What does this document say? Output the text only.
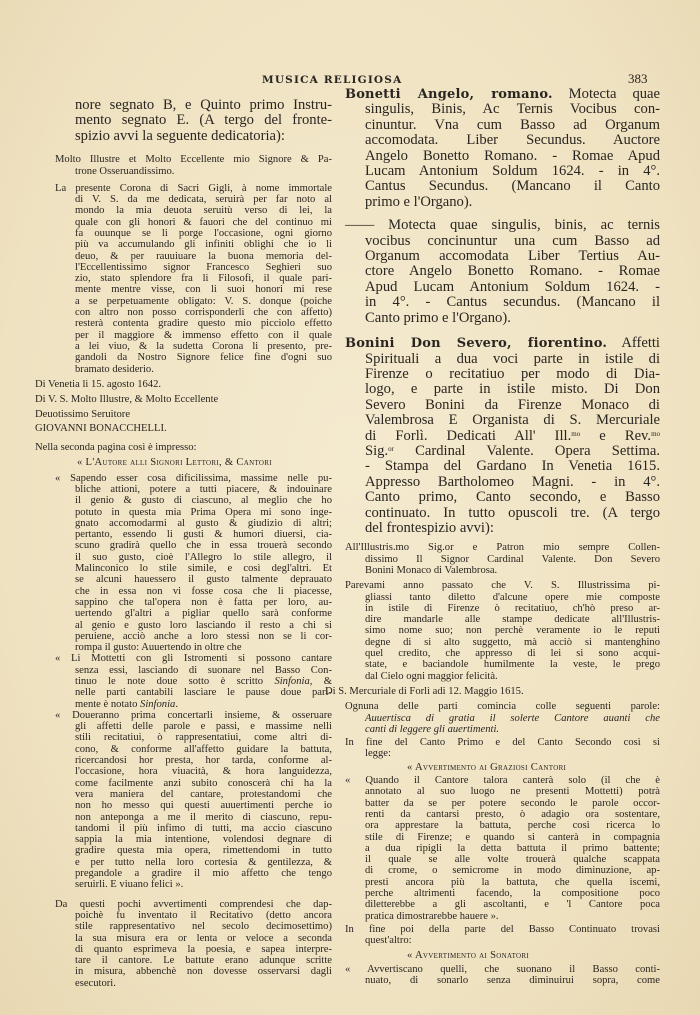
MUSICA RELIGIOSA	383
nore segnato B, e Quinto primo Instru-
mento segnato E. (A tergo del fronte-
spizio avvi la seguente dedicatoria):
Molto Illustre et Molto Eccellente mio Signore & Pa-
trone Osseruandissimo.
La presente Corona di Sacri Gigli, à nome immortale
di V. S. da me dedicata, seruirà per far noto al
mondo la mia deuota seruitù verso di lei, la
quale con gli honori & fauori che del continuo mi
fa ouunque se li porge l'occasione, ogni giorno
più va accumulando gli infiniti oblighi che io li
deuo, & per rauuiuare la buona memoria del-
l'Eccellentissimo signor Francesco Seghieri suo
zio, stato splendore fra li Filosofi, il quale pari-
mente mentre visse, con li suoi honori mi rese
a se perpetuamente obligato: V. S. donque (poiche
con altro non posso corrisponderli che con affetto)
resterà contenta gradire questo mio picciolo effetto
per il maggiore & immenso effetto con il quale
a lei viuo, & la sudetta Corona li presento, pre-
gandoli da Nostro Signore felice fine d'ogni suo
bramato desiderio.
Di Venetia li 15. agosto 1642.
Di V. S. Molto Illustre, & Molto Eccellente
Deuotissimo Seruitore
GIOVANNI BONACCHELLI.
Nella seconda pagina così è impresso:
« L'Autore alli Signori Lettori, & Cantori
« Sapendo esser cosa dificilissima, massime nelle pu-
bliche attioni, potere a tutti piacere, & indouinare
il genio & gusto di ciascuno, al meglio che ho
potuto in questa mia Prima Opera mi sono inge-
gnato accomodarmi al gusto & giudizio di altri;
pertanto, essendo li gusti & humori diuersi, cia-
scuno gradirà quello che in essa trouerà secondo
il suo gusto, cioè l'Allegro lo stile allegro, il
Malinconico lo stile simile, e così degl'altri. Et
se alcuni hauessero il gusto talmente deprauato
che in essa non vi fosse cosa che li piacesse,
sappino che tal'opera non è fatta per loro, au-
uertendo gl'altri a pigliar quello sarà conforme
al genio e gusto loro lasciando il resto a chi si
peruiene, acciò anche a loro stessi non se li cor-
rompa il gusto: Auuertendo in oltre che
« Li Mottetti con gli Istromenti si possono cantare
senza essi, lasciando di suonare nel Basso Con-
tinuo le note doue sotto è scritto Sinfonia, &
nelle parti cantabili lasciare le pause doue pari-
mente è notato Sinfonia.
« Doueranno prima concertarli insieme, & osseruare
gli affetti delle parole e passi, e massime nelli
stili recitatiui, ò rappresentatiui, come altri di-
cono, & conforme all'affetto guidare la battuta,
ricercandosi hor presta, hor tarda, conforme al-
l'occasione, hora viuacità, & hora languidezza,
come facilmente anzi subito conoscerà chi ha la
vera maniera del cantare, protestandomi che
non ho messo qui questi auuertimenti perche io
non anteponga a me il merito di ciascuno, repu-
tandomi il più infimo di tutti, ma accio ciascuno
sappia la mia intentione, volendosi degnare di
gradire questa mia opera, rimettendomi in tutto
e per tutto nella loro cortesia & gentilezza, &
pregandole a gradire il mio affetto che tengo
seruirli. E viuano felici ».
Da questi pochi avvertimenti comprendesi che dap-
poichè fu inventato il Recitativo (detto ancora
stile rappresentativo nel secolo decimosettimo)
la sua misura era or lenta or veloce a seconda
di quanto esprimeva la poesia, e sapea interpre-
tare il cantore. Le battute erano adunque scritte
in misura, abbenchè non dovesse osservarsi dagli
esecutori.
Bonetti Angelo, romano. Motecta quae
singulis, Binis, Ac Ternis Vocibus con-
cinuntur. Vna cum Basso ad Organum
accomodata. Liber Secundus. Auctore
Angelo Bonetto Romano. - Romae Apud
Lucam Antonium Soldum 1624. - in 4°.
Cantus Secundus. (Mancano il Canto
primo e l'Organo).
—— Motecta quae singulis, binis, ac ternis
vocibus concinuntur una cum Basso ad
Organum accomodata Liber Tertius Au-
ctore Angelo Bonetto Romano. - Romae
Apud Lucam Antonium Soldum 1624. -
in 4°. - Cantus secundus. (Mancano il
Canto primo e l'Organo).
Bonini Don Severo, fiorentino. Affetti
Spirituali a dua voci parte in istile di
Firenze o recitatiuo per modo di Dia-
logo, e parte in istile misto. Di Don
Severo Bonini da Firenze Monaco di
Valembrosa E Organista di S. Mercuriale
di Forlì. Dedicati All' Ill.$^{mo}$ e Rev.$^{mo}$
Sig.$^{or}$ Cardinal Valente. Opera Settima.
- Stampa del Gardano In Venetia 1615.
Appresso Bartholomeo Magni. - in 4°.
Canto primo, Canto secondo, e Basso
continuato. In tutto opuscoli tre. (A tergo
del frontespizio avvi):
All'Illustris.mo Sig.or e Patron mio sempre Collen-
dissimo Il Signor Cardinal Valente. Don Severo
Bonini Monaco di Valembrosa.
Parevami anno passato che V. S. Illustrissima pi-
gliassi tanto diletto d'alcune opere mie composte
in istile di Firenze ò recitatiuo, ch'hò preso ar-
dire mandarle alle stampe dedicate all'Illustris-
simo nome suo; non perchè veramente io le reputi
degne di si alto suggetto, mà acciò si mantenghino
quel credito, che appresso di lei si sono acqui-
state, e baciandole humilmente la veste, le prego
dal Cielo ogni maggior felicità.
Di S. Mercuriale di Forlì adi 12. Maggio 1615.
Ognuna delle parti comincia colle seguenti parole:
Auuertisca di gratia il solerte Cantore auanti che
canti di leggere gli auertimenti.
In fine del Canto Primo e del Canto Secondo così si
legge:
« Avvertimento ai Graziosi Cantori
« Quando il Cantore talora canterà solo (il che è
annotato al suo luogo ne presenti Mottetti) potrà
batter da se per potere secondo le parole occor-
renti da cantarsi presto, ò adagio ora sostentare,
ora apprestare la battuta, perche così ricerca lo
stile di Firenze; e quando si canterà in compagnia
a dua ripigli la detta battuta il primo battente;
il quale se alle volte trouerà qualche scappata
di crome, o semicrome in modo diminuzione, ap-
presti ancora più la battuta, che quella iscemi,
perche altrimenti facendo, la compositione poco
diletterebbe a gli ascoltanti, e 'l Cantore poca
pratica dimostrarebbe hauere ».
In fine poi della parte del Basso Continuato trovasi
quest'altro:
« Avvertimento ai Sonatori
« Avvertiscano quelli, che suonano il Basso conti-
nuato, di sonarlo senza diminuirui sopra, come
